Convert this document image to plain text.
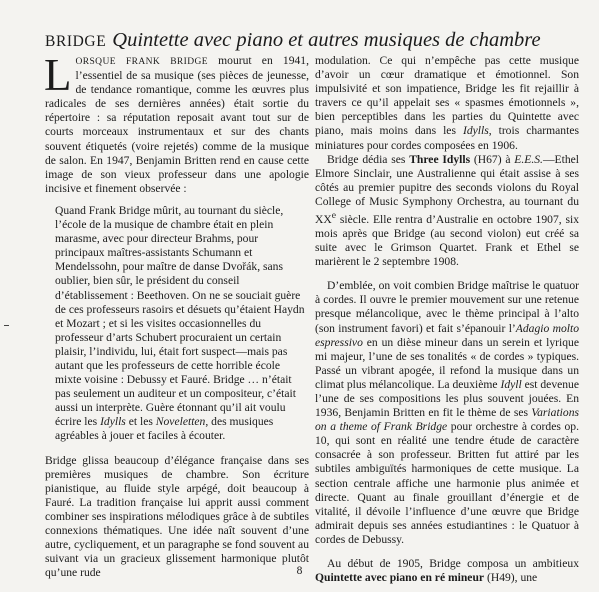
BRIDGE Quintette avec piano et autres musiques de chambre

LORSQUE FRANK BRIDGE mourut en 1941, l’essentiel de sa musique (ses pièces de jeunesse, de tendance romantique, comme les œuvres plus radicales de ses dernières années) était sortie du répertoire : sa réputation reposait avant tout sur de courts morceaux instrumentaux et sur des chants souvent étiquetés (voire rejetés) comme de la musique de salon. En 1947, Benjamin Britten rend en cause cette image de son vieux professeur dans une apologie incisive et finement observée :

Quand Frank Bridge mûrit, au tournant du siècle, l’école de la musique de chambre était en plein marasme, avec pour directeur Brahms, pour principaux maîtres-assistants Schumann et Mendelssohn, pour maître de danse Dvořák, sans oublier, bien sûr, le président du conseil d’établissement : Beethoven. On ne se souciait guère de ces professeurs rasoirs et désuets qu’étaient Haydn et Mozart ; et si les visites occasionnelles du professeur d’arts Schubert procuraient un certain plaisir, l’individu, lui, était fort suspect—mais pas autant que les professeurs de cette horrible école mixte voisine : Debussy et Fauré. Bridge … n’était pas seulement un auditeur et un compositeur, c’était aussi un interprète. Guère étonnant qu’il ait voulu écrire les Idylls et les Noveletten, des musiques agréables à jouer et faciles à écouter.

Bridge glissa beaucoup d’élégance française dans ses premières musiques de chambre. Son écriture pianistique, au fluide style arpégé, doit beaucoup à Fauré. La tradition française lui apprit aussi comment combiner ses inspirations mélodiques grâce à de subtiles connexions thématiques. Une idée naît souvent d’une autre, cycliquement, et un paragraphe se fond souvent au suivant via un gracieux glissement harmonique plutôt qu’une rude

modulation. Ce qui n’empêche pas cette musique d’avoir un cœur dramatique et émotionnel. Son impulsivité et son impatience, Bridge les fit rejaillir à travers ce qu’il appelait ses « spasmes émotionnels », bien perceptibles dans les parties du Quintette avec piano, mais moins dans les Idylls, trois charmantes miniatures pour cordes composées en 1906.

Bridge dédia ses Three Idylls (H67) à E.E.S.—Ethel Elmore Sinclair, une Australienne qui était assise à ses côtés au premier pupitre des seconds violons du Royal College of Music Symphony Orchestra, au tournant du XXe siècle. Elle rentra d’Australie en octobre 1907, six mois après que Bridge (au second violon) eut créé sa suite avec le Grimson Quartet. Frank et Ethel se marièrent le 2 septembre 1908.

D’emblée, on voit combien Bridge maîtrise le quatuor à cordes. Il ouvre le premier mouvement sur une retenue presque mélancolique, avec le thème principal à l’alto (son instrument favori) et fait s’épanouir l’Adagio molto espressivo en un dièse mineur dans un serein et lyrique mi majeur, l’une de ses tonalités « de cordes » typiques. Passé un vibrant apogée, il refond la musique dans un climat plus mélancolique. La deuxième Idyll est devenue l’une de ses compositions les plus souvent jouées. En 1936, Benjamin Britten en fit le thème de ses Variations on a theme of Frank Bridge pour orchestre à cordes op. 10, qui sont en réalité une tendre étude de caractère consacrée à son professeur. Britten fut attiré par les subtiles ambiguïtés harmoniques de cette musique. La section centrale affiche une harmonie plus animée et directe. Quant au finale grouillant d’énergie et de vitalité, il dévoile l’influence d’une œuvre que Bridge admirait depuis ses années estudiantines : le Quatuor à cordes de Debussy.

Au début de 1905, Bridge composa un ambitieux Quintette avec piano en ré mineur (H49), une

8
